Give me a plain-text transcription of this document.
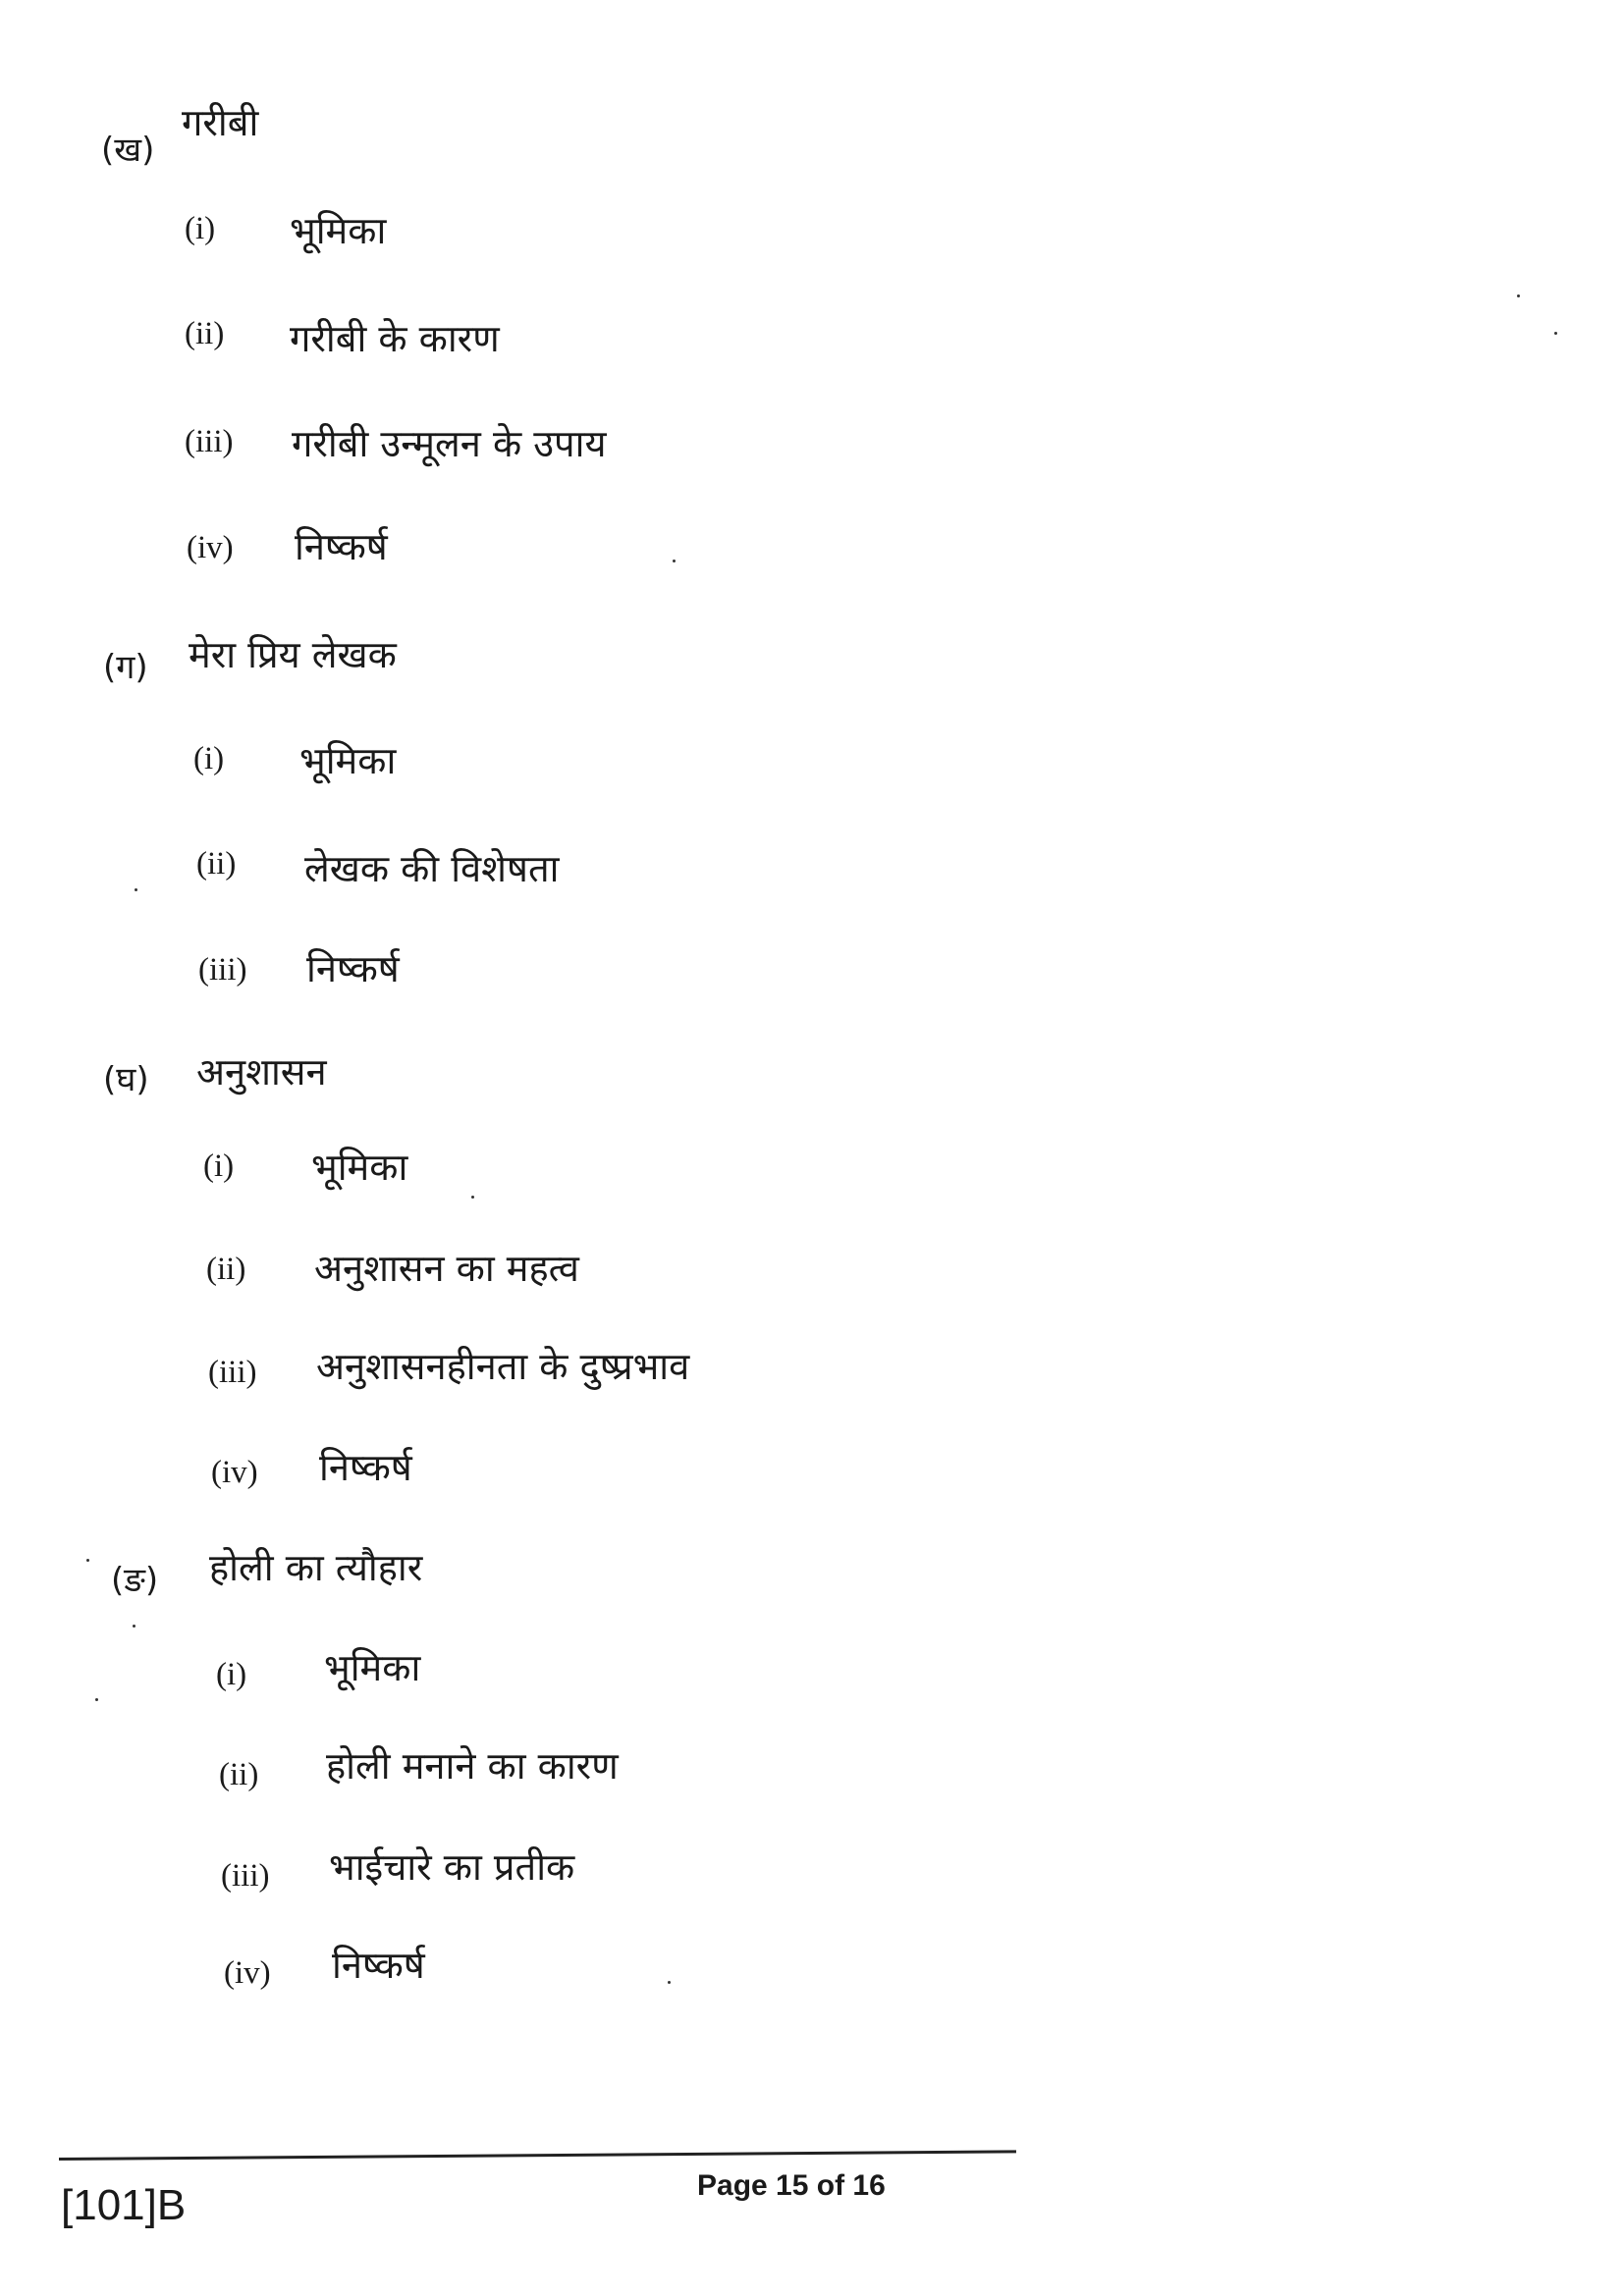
(ख)
गरीबी
(i) भूमिका
(ii) गरीबी के कारण
(iii) गरीबी उन्मूलन के उपाय
(iv) निष्कर्ष
(ग) मेरा प्रिय लेखक
(i) भूमिका
(ii) लेखक की विशेषता
(iii) निष्कर्ष
(घ) अनुशासन
(i) भूमिका
(ii) अनुशासन का महत्व
(iii) अनुशासनहीनता के दुष्प्रभाव
(iv) निष्कर्ष
(ङ) होली का त्यौहार
(i) भूमिका
(ii) होली मनाने का कारण
(iii) भाईचारे का प्रतीक
(iv) निष्कर्ष
[101]B	Page 15 of 16
